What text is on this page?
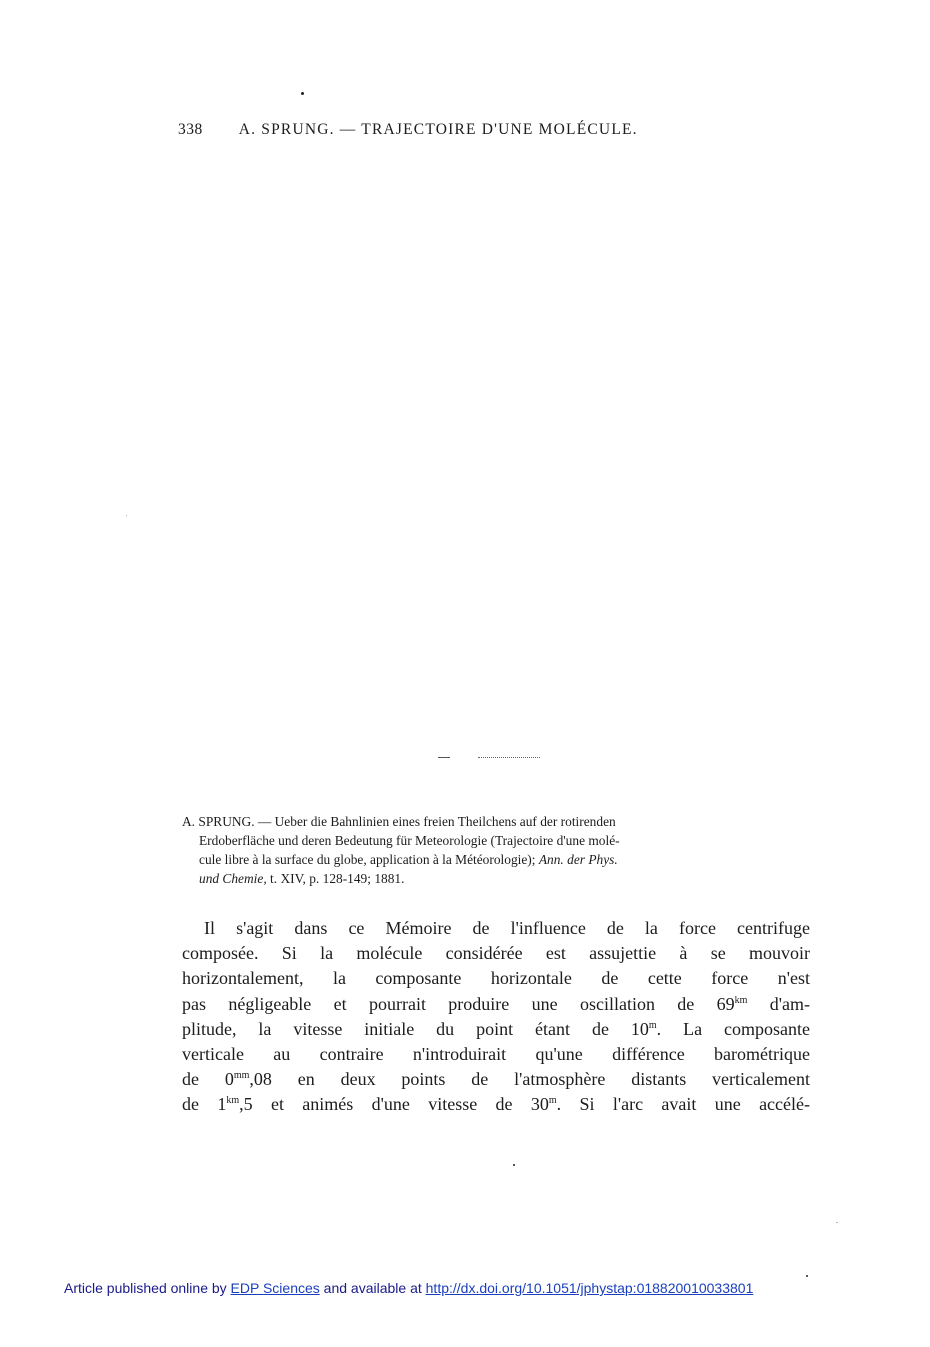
338 A. SPRUNG. — TRAJECTOIRE D'UNE MOLÉCULE.
A. SPRUNG. — Ueber die Bahnlinien eines freien Theilchens auf der rotirenden
Erdoberfläche und deren Bedeutung für Meteorologie (Trajectoire d'une molé-
cule libre à la surface du globe, application à la Météorologie); Ann. der Phys.
und Chemie, t. XIV, p. 128-149; 1881.
Il s'agit dans ce Mémoire de l'influence de la force centrifuge
composée. Si la molécule considérée est assujettie à se mouvoir
horizontalement, la composante horizontale de cette force n'est
pas négligeable et pourrait produire une oscillation de $69^{km}$ d'am-
plitude, la vitesse initiale du point étant de 10$^m$. La composante
verticale au contraire n'introduirait qu'une différence barométrique
de $0^{mm},08$ en deux points de l'atmosphère distants verticalement
de $1^{km},5$ et animés d'une vitesse de 30$^m$. Si l'arc avait une accélé-
Article published online by EDP Sciences and available at http://dx.doi.org/10.1051/jphystap:018820010033801
